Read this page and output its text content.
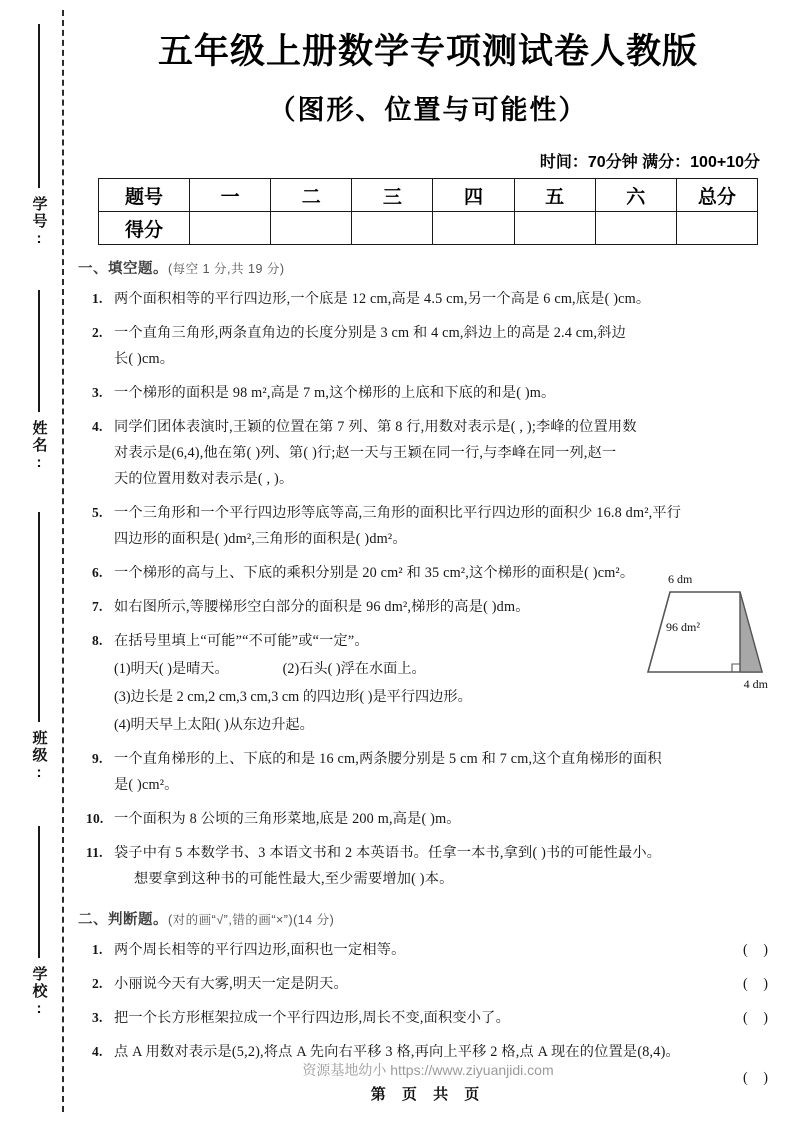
学号:
姓名:
班级:
学校:
五年级上册数学专项测试卷人教版
（图形、位置与可能性）
时间：70分钟 满分：100+10分
题号	一	二	三	四	五	六	总分
得分							
一、填空题。(每空 1 分,共 19 分)
1. 两个面积相等的平行四边形,一个底是 12 cm,高是 4.5 cm,另一个高是 6 cm,底是( )cm。
2. 一个直角三角形,两条直角边的长度分别是 3 cm 和 4 cm,斜边上的高是 2.4 cm,斜边
长( )cm。
3. 一个梯形的面积是 98 m²,高是 7 m,这个梯形的上底和下底的和是( )m。
4. 同学们团体表演时,王颖的位置在第 7 列、第 8 行,用数对表示是( , );李峰的位置用数
对表示是(6,4),他在第( )列、第( )行;赵一天与王颖在同一行,与李峰在同一列,赵一
天的位置用数对表示是( , )。
5. 一个三角形和一个平行四边形等底等高,三角形的面积比平行四边形的面积少 16.8 dm²,平行
四边形的面积是( )dm²,三角形的面积是( )dm²。
6. 一个梯形的高与上、下底的乘积分别是 20 cm² 和 35 cm²,这个梯形的面积是( )cm²。
7. 如右图所示,等腰梯形空白部分的面积是 96 dm²,梯形的高是( )dm。
8. 在括号里填上“可能”“不可能”或“一定”。
(1)明天( )是晴天。	(2)石头( )浮在水面上。
(3)边长是 2 cm,2 cm,3 cm,3 cm 的四边形( )是平行四边形。
(4)明天早上太阳( )从东边升起。
9. 一个直角梯形的上、下底的和是 16 cm,两条腰分别是 5 cm 和 7 cm,这个直角梯形的面积
是( )cm²。
10. 一个面积为 8 公顷的三角形菜地,底是 200 m,高是( )m。
11. 袋子中有 5 本数学书、3 本语文书和 2 本英语书。任拿一本书,拿到( )书的可能性最小。
想要拿到这种书的可能性最大,至少需要增加( )本。
二、判断题。(对的画“√”,错的画“×”)(14 分)
1. 两个周长相等的平行四边形,面积也一定相等。	( )
2. 小丽说今天有大雾,明天一定是阴天。	( )
3. 把一个长方形框架拉成一个平行四边形,周长不变,面积变小了。	( )
4. 点 A 用数对表示是(5,2),将点 A 先向右平移 3 格,再向上平移 2 格,点 A 现在的位置是(8,4)。
( )
6 dm
96 dm²
4 dm
资源基地幼小 https://www.ziyuanjidi.com
第 页 共 页
